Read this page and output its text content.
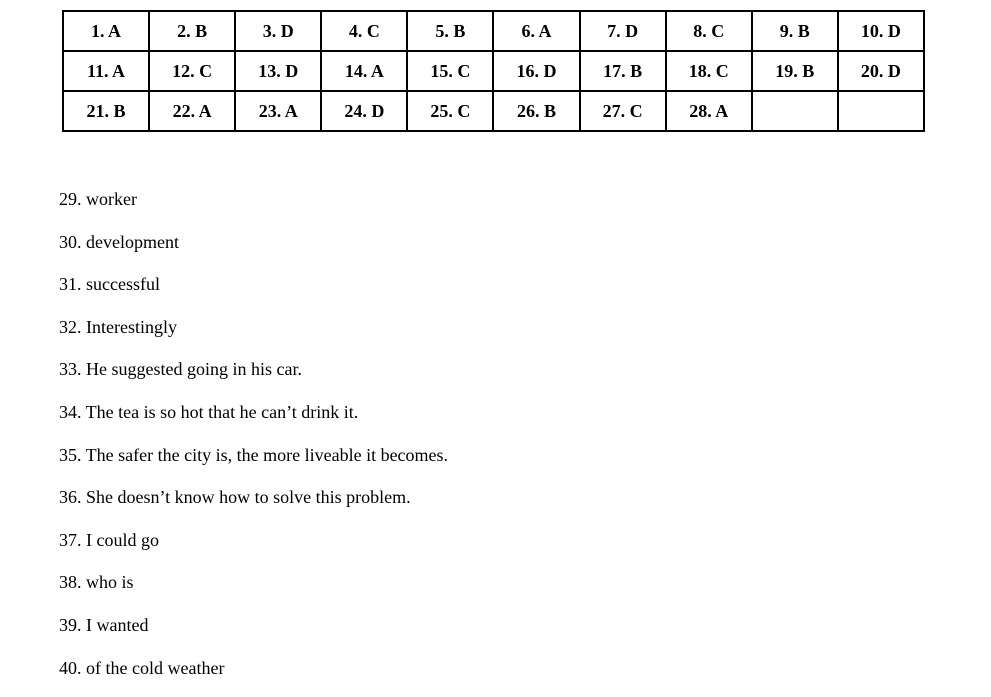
1. A	2. B	3. D	4. C	5. B	6. A	7. D	8. C	9. B	10. D
11. A	12. C	13. D	14. A	15. C	16. D	17. B	18. C	19. B	20. D
21. B	22. A	23. A	24. D	25. C	26. B	27. C	28. A		
29. worker
30. development
31. successful
32. Interestingly
33. He suggested going in his car.
34. The tea is so hot that he can’t drink it.
35. The safer the city is, the more liveable it becomes.
36. She doesn’t know how to solve this problem.
37. I could go
38. who is
39. I wanted
40. of the cold weather
